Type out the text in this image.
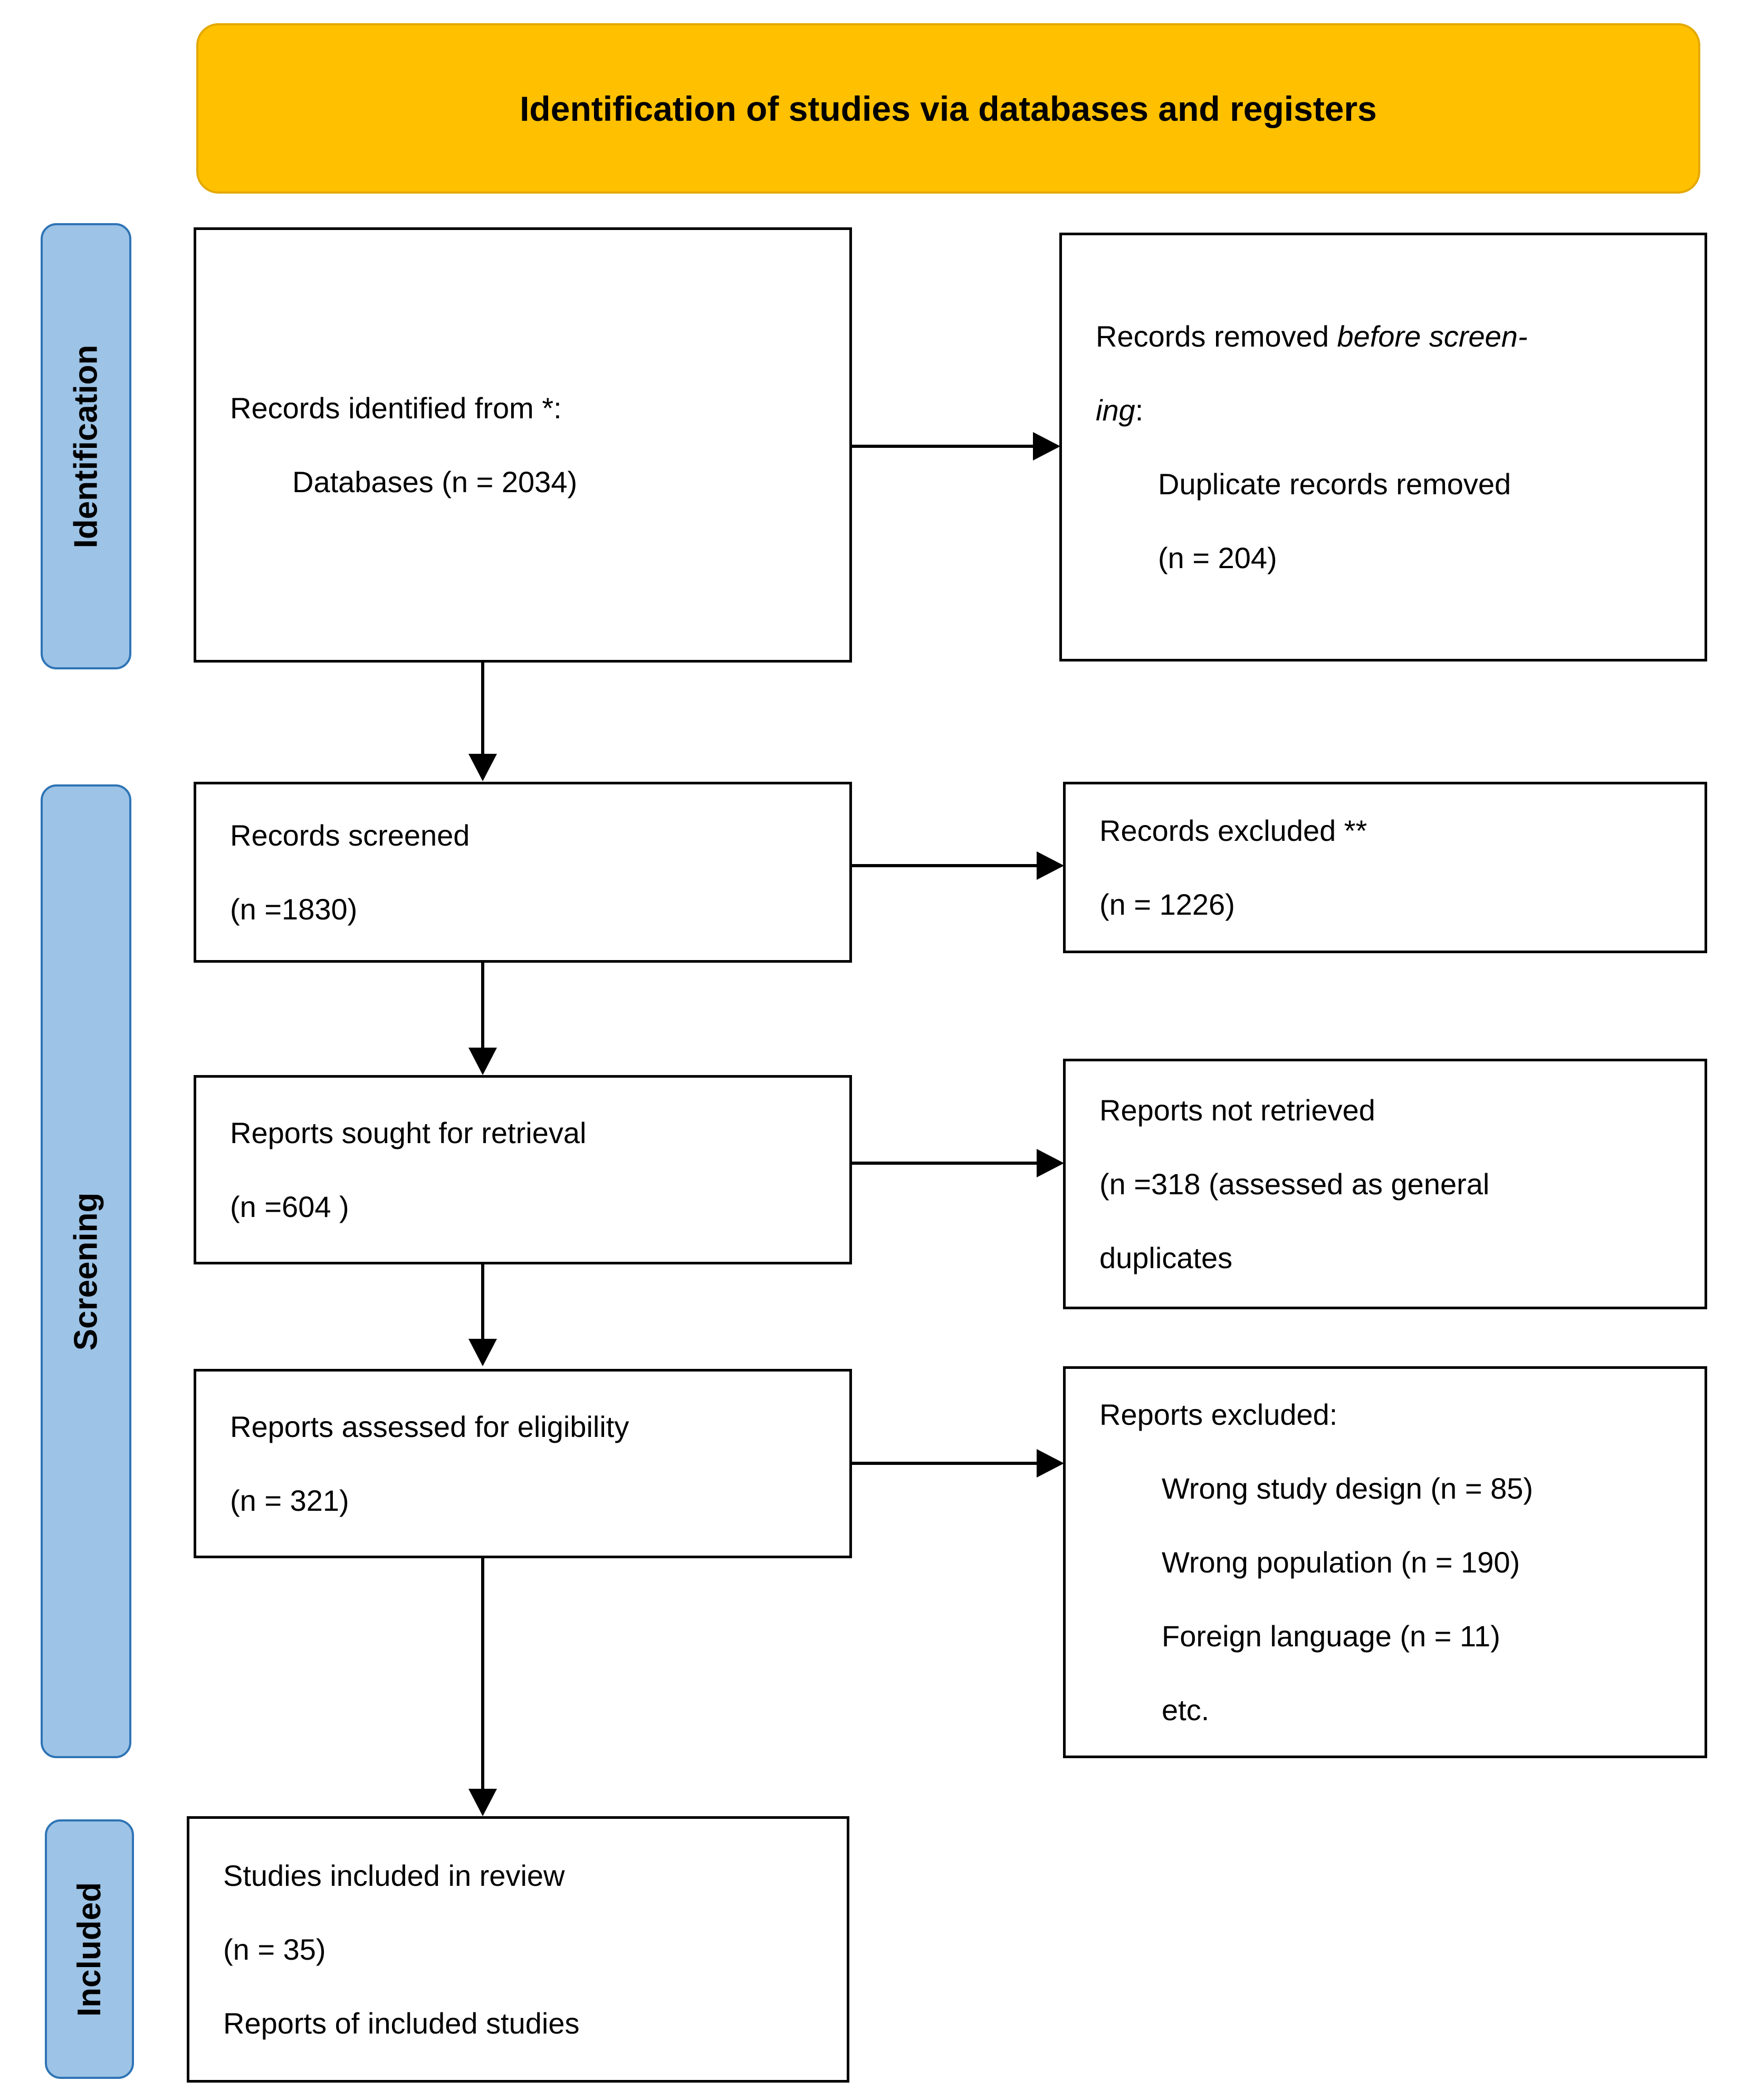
Identification of studies via databases and registers
Identification
Screening
Included
Records identified from *:
Databases (n = 2034)
Records removed before screen-
ing:
Duplicate records removed
(n = 204)
Records screened
(n =1830)
Records excluded **
(n = 1226)
Reports sought for retrieval
(n =604 )
Reports not retrieved
(n =318 (assessed as general
duplicates
Reports assessed for eligibility
(n = 321)
Reports excluded:
Wrong study design (n = 85)
Wrong population (n = 190)
Foreign language (n = 11)
etc.
Studies included in review
(n = 35)
Reports of included studies
